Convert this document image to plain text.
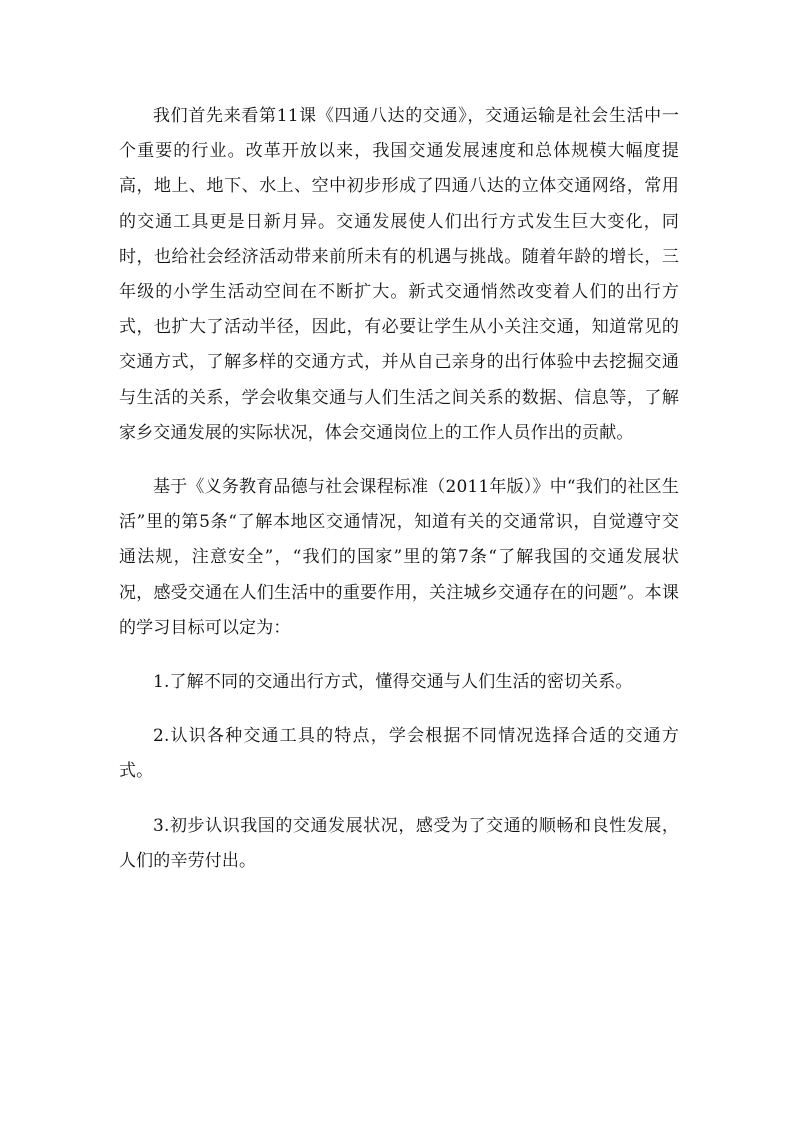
我们首先来看第11课《四通八达的交通》，交通运输是社会生活中一个重要的行业。改革开放以来，我国交通发展速度和总体规模大幅度提高，地上、地下、水上、空中初步形成了四通八达的立体交通网络，常用的交通工具更是日新月异。交通发展使人们出行方式发生巨大变化，同时，也给社会经济活动带来前所未有的机遇与挑战。随着年龄的增长，三年级的小学生活动空间在不断扩大。新式交通悄然改变着人们的出行方式，也扩大了活动半径，因此，有必要让学生从小关注交通，知道常见的交通方式，了解多样的交通方式，并从自己亲身的出行体验中去挖掘交通与生活的关系，学会收集交通与人们生活之间关系的数据、信息等，了解家乡交通发展的实际状况，体会交通岗位上的工作人员作出的贡献。

基于《义务教育品德与社会课程标准（2011年版）》中“我们的社区生活”里的第5条“了解本地区交通情况，知道有关的交通常识，自觉遵守交通法规，注意安全”，“我们的国家”里的第7条“了解我国的交通发展状况，感受交通在人们生活中的重要作用，关注城乡交通存在的问题”。本课的学习目标可以定为：

1.了解不同的交通出行方式，懂得交通与人们生活的密切关系。

2.认识各种交通工具的特点，学会根据不同情况选择合适的交通方式。

3.初步认识我国的交通发展状况，感受为了交通的顺畅和良性发展，人们的辛劳付出。
